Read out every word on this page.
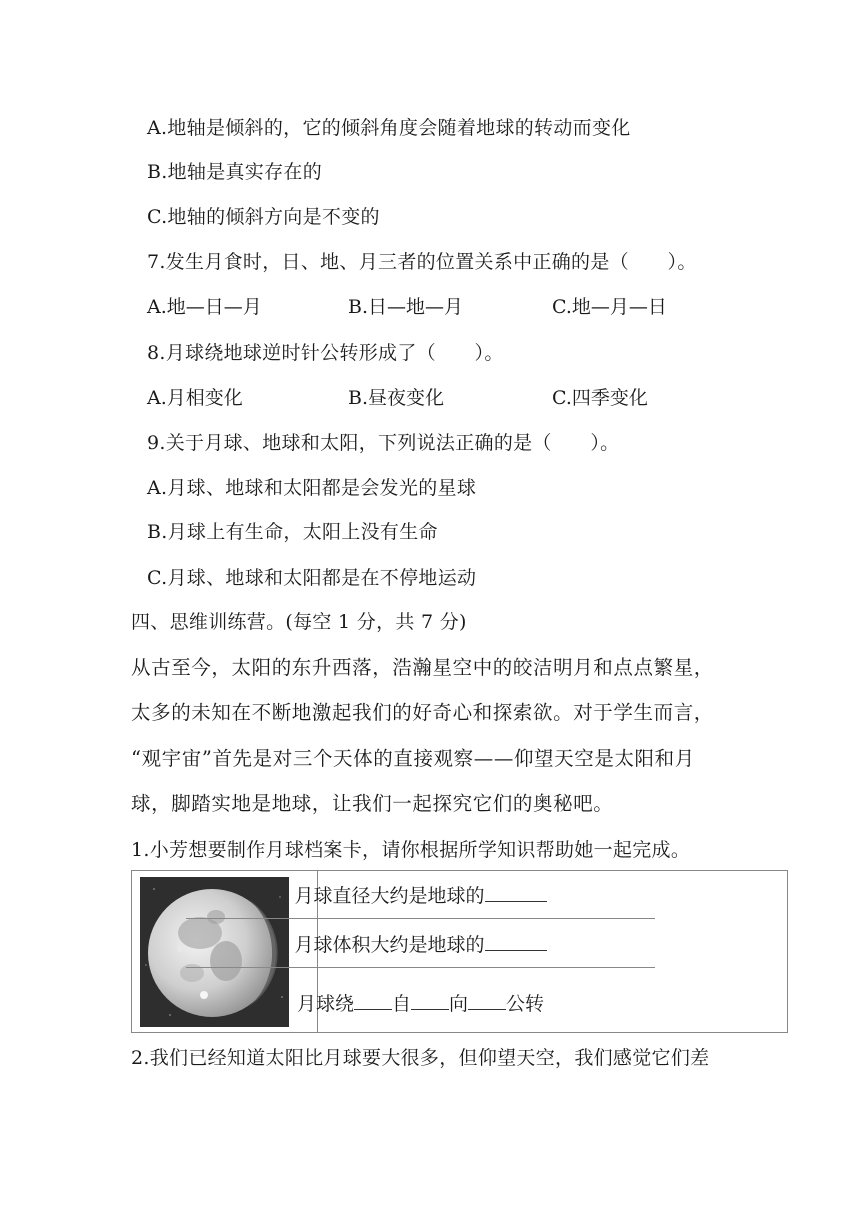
A.地轴是倾斜的，它的倾斜角度会随着地球的转动而变化
B.地轴是真实存在的
C.地轴的倾斜方向是不变的
7.发生月食时，日、地、月三者的位置关系中正确的是（　　）。
A.地—日—月	B.日—地—月	C.地—月—日
8.月球绕地球逆时针公转形成了（　　）。
A.月相变化	B.昼夜变化	C.四季变化
9.关于月球、地球和太阳，下列说法正确的是（　　）。
A.月球、地球和太阳都是会发光的星球
B.月球上有生命，太阳上没有生命
C.月球、地球和太阳都是在不停地运动
四、思维训练营。(每空 1 分，共 7 分)
从古至今，太阳的东升西落，浩瀚星空中的皎洁明月和点点繁星，
太多的未知在不断地激起我们的好奇心和探索欲。对于学生而言，
“观宇宙”首先是对三个天体的直接观察——仰望天空是太阳和月
球，脚踏实地是地球，让我们一起探究它们的奥秘吧。
1.小芳想要制作月球档案卡，请你根据所学知识帮助她一起完成。
月球直径大约是地球的
月球体积大约是地球的
月球绕 自 向 公转
2.我们已经知道太阳比月球要大很多，但仰望天空，我们感觉它们差
